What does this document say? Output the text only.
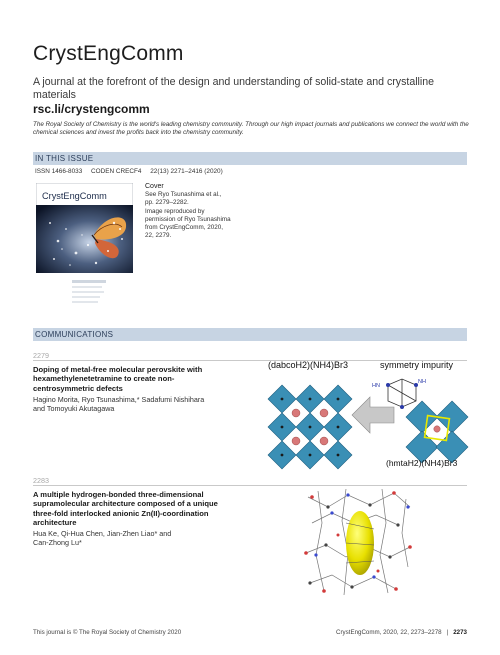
CrystEngComm
A journal at the forefront of the design and understanding of solid-state and crystalline materials
rsc.li/crystengcomm
The Royal Society of Chemistry is the world's leading chemistry community. Through our high impact journals and publications we connect the world with the chemical sciences and invest the profits back into the chemistry community.
IN THIS ISSUE
ISSN 1466-8033 CODEN CRECF4 22(13) 2271–2416 (2020)
CrystEngComm
Cover
See Ryo Tsunashima et al.,
pp. 2279–2282.
Image reproduced by
permission of Ryo Tsunashima
from CrystEngComm, 2020,
22, 2279.
COMMUNICATIONS
2279
Doping of metal-free molecular perovskite with
hexamethylenetetramine to create non-
centrosymmetric defects
Hagino Morita, Ryo Tsunashima,* Sadafumi Nishihara
and Tomoyuki Akutagawa
(dabcoH2)(NH4)Br3	symmetry impurity
HN
NH
(hmtaH2)(NH4)Br3
2283
A multiple hydrogen-bonded three-dimensional
supramolecular architecture composed of a unique
three-fold interlocked anionic Zn(II)-coordination
architecture
Hua Ke, Qi-Hua Chen, Jian-Zhen Liao* and
Can-Zhong Lu*
This journal is © The Royal Society of Chemistry 2020	CrystEngComm, 2020, 22, 2273–2278 | 2273
